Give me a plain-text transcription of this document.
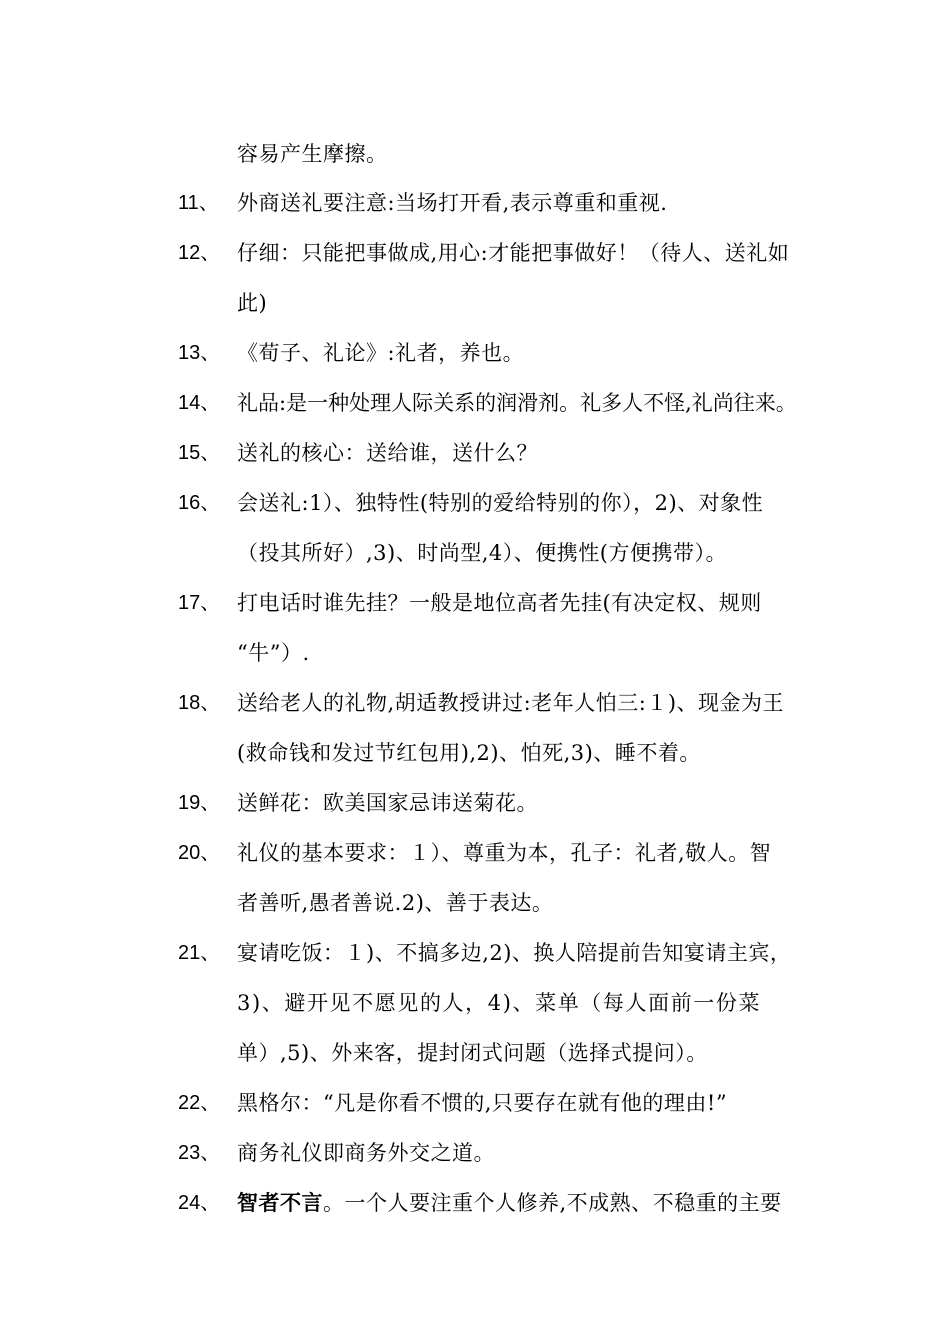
容易产生摩擦。
11、 外商送礼要注意:当场打开看,表示尊重和重视.
12、 仔细：只能把事做成,用心:才能把事做好！（待人、送礼如
此)
13、 《荀子、礼论》:礼者，养也。
14、 礼品:是一种处理人际关系的润滑剂。礼多人不怪,礼尚往来。
15、 送礼的核心：送给谁，送什么？
16、 会送礼:1）、独特性(特别的爱给特别的你），2)、对象性
（投其所好）,3)、时尚型,4）、便携性(方便携带）。
17、 打电话时谁先挂？一般是地位高者先挂(有决定权、规则
“牛”）.
18、 送给老人的礼物,胡适教授讲过:老年人怕三:１)、现金为王
(救命钱和发过节红包用),2)、怕死,3)、睡不着。
19、 送鲜花：欧美国家忌讳送菊花。
20、 礼仪的基本要求：１）、尊重为本，孔子：礼者,敬人。智
者善听,愚者善说.2)、善于表达。
21、 宴请吃饭：１)、不搞多边,2)、换人陪提前告知宴请主宾，
3)、避开见不愿见的人，4)、菜单（每人面前一份菜
单）,5)、外来客，提封闭式问题（选择式提问）。
22、 黑格尔：“凡是你看不惯的,只要存在就有他的理由!”
23、 商务礼仪即商务外交之道。
24、 智者不言。一个人要注重个人修养,不成熟、不稳重的主要
